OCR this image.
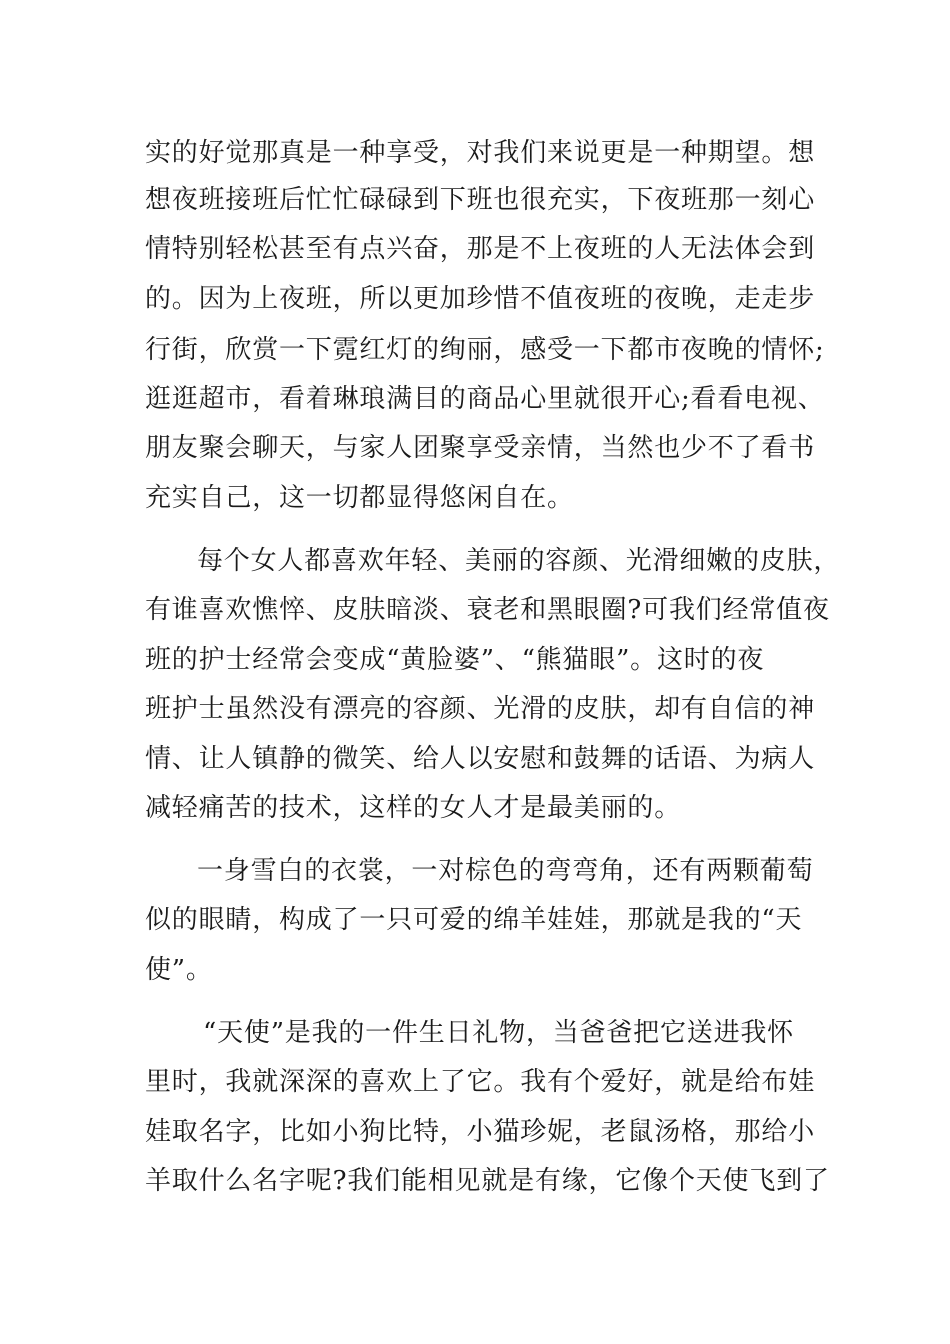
实的好觉那真是一种享受，对我们来说更是一种期望。想
想夜班接班后忙忙碌碌到下班也很充实，下夜班那一刻心
情特别轻松甚至有点兴奋，那是不上夜班的人无法体会到
的。因为上夜班，所以更加珍惜不值夜班的夜晚，走走步
行街，欣赏一下霓红灯的绚丽，感受一下都市夜晚的情怀;
逛逛超市，看着琳琅满目的商品心里就很开心;看看电视、
朋友聚会聊天，与家人团聚享受亲情，当然也少不了看书
充实自己，这一切都显得悠闲自在。
每个女人都喜欢年轻、美丽的容颜、光滑细嫩的皮肤，
有谁喜欢憔悴、皮肤暗淡、衰老和黑眼圈?可我们经常值夜
班的护士经常会变成“黄脸婆”、“熊猫眼”。这时的夜
班护士虽然没有漂亮的容颜、光滑的皮肤，却有自信的神
情、让人镇静的微笑、给人以安慰和鼓舞的话语、为病人
减轻痛苦的技术，这样的女人才是最美丽的。
一身雪白的衣裳，一对棕色的弯弯角，还有两颗葡萄
似的眼睛，构成了一只可爱的绵羊娃娃，那就是我的“天
使”。
“天使”是我的一件生日礼物，当爸爸把它送进我怀
里时，我就深深的喜欢上了它。我有个爱好，就是给布娃
娃取名字，比如小狗比特，小猫珍妮，老鼠汤格，那给小
羊取什么名字呢?我们能相见就是有缘，它像个天使飞到了
